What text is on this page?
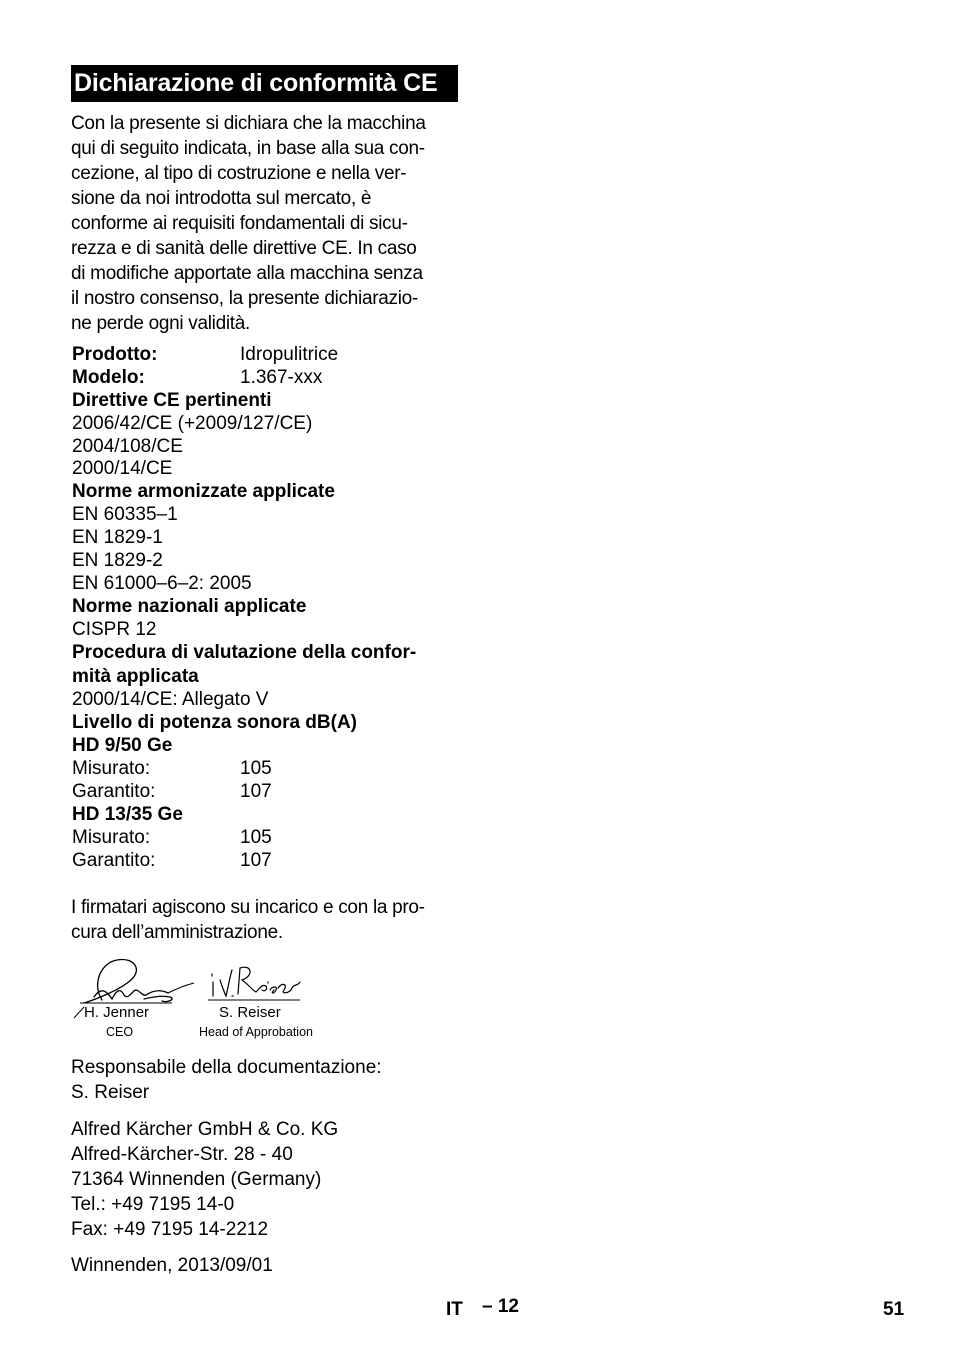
Dichiarazione di conformità CE

Con la presente si dichiara che la macchina
qui di seguito indicata, in base alla sua con-
cezione, al tipo di costruzione e nella ver-
sione da noi introdotta sul mercato, è
conforme ai requisiti fondamentali di sicu-
rezza e di sanità delle direttive CE. In caso
di modifiche apportate alla macchina senza
il nostro consenso, la presente dichiarazio-
ne perde ogni validità.

Prodotto:	Idropulitrice
Modelo:	1.367-xxx
Direttive CE pertinenti
2006/42/CE (+2009/127/CE)
2004/108/CE
2000/14/CE
Norme armonizzate applicate
EN 60335–1
EN 1829-1
EN 1829-2
EN 61000–6–2: 2005
Norme nazionali applicate
CISPR 12
Procedura di valutazione della confor-
mità applicata
2000/14/CE: Allegato V
Livello di potenza sonora dB(A)
HD 9/50 Ge
Misurato:	105
Garantito:	107
HD 13/35 Ge
Misurato:	105
Garantito:	107
I firmatari agiscono su incarico e con la pro-
cura dell’amministrazione.
H. Jenner
CEO
S. Reiser
Head of Approbation
Responsabile della documentazione:
S. Reiser
Alfred Kärcher GmbH & Co. KG
Alfred-Kärcher-Str. 28 - 40
71364 Winnenden (Germany)
Tel.: +49 7195 14-0
Fax: +49 7195 14-2212
Winnenden, 2013/09/01
IT – 12	51
